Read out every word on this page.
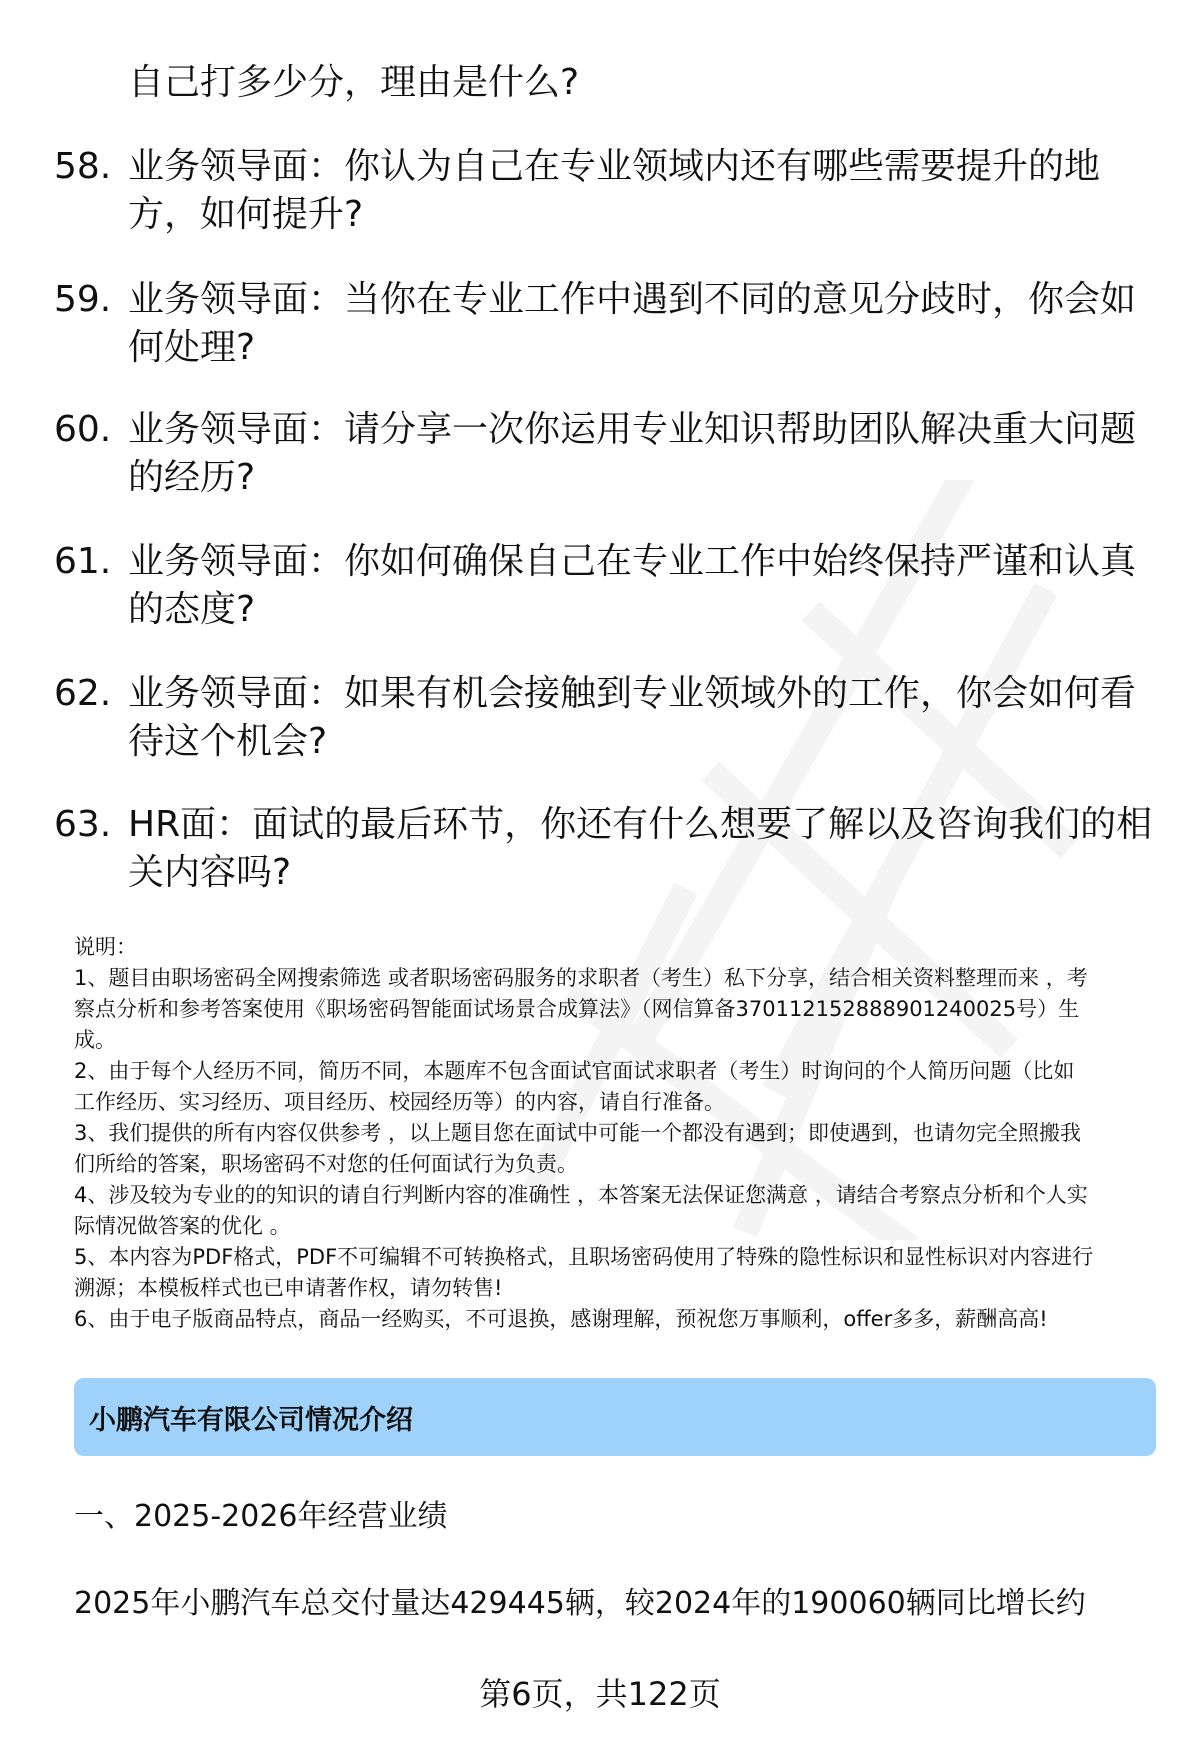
自己打多少分，理由是什么?
58. 业务领导面：你认为自己在专业领域内还有哪些需要提升的地
方，如何提升?
59. 业务领导面：当你在专业工作中遇到不同的意见分歧时，你会如
何处理?
60. 业务领导面：请分享一次你运用专业知识帮助团队解决重大问题
的经历?
61. 业务领导面：你如何确保自己在专业工作中始终保持严谨和认真
的态度?
62. 业务领导面：如果有机会接触到专业领域外的工作，你会如何看
待这个机会?
63. HR面：面试的最后环节，你还有什么想要了解以及咨询我们的相
关内容吗?

说明：

1、题目由职场密码全网搜索筛选 或者职场密码服务的求职者（考生）私下分享，结合相关资料整理而来 ，考

察点分析和参考答案使用《职场密码智能面试场景合成算法》（网信算备370112152888901240025号）生

成。

2、由于每个人经历不同，简历不同，本题库不包含面试官面试求职者（考生）时询问的个人简历问题（比如

工作经历、实习经历、项目经历、校园经历等）的内容，请自行准备。

3、我们提供的所有内容仅供参考 ，以上题目您在面试中可能一个都没有遇到；即使遇到，也请勿完全照搬我

们所给的答案，职场密码不对您的任何面试行为负责。

4、涉及较为专业的的知识的请自行判断内容的准确性 ，本答案无法保证您满意 ，请结合考察点分析和个人实

际情况做答案的优化 。

5、本内容为PDF格式，PDF不可编辑不可转换格式，且职场密码使用了特殊的隐性标识和显性标识对内容进行

溯源；本模板样式也已申请著作权，请勿转售!

6、由于电子版商品特点，商品一经购买，不可退换，感谢理解，预祝您万事顺利，offer多多，薪酬高高!

小鹏汽车有限公司情况介绍
一、2025-2026年经营业绩
2025年小鹏汽车总交付量达429445辆，较2024年的190060辆同比增长约
第6页，共122页
